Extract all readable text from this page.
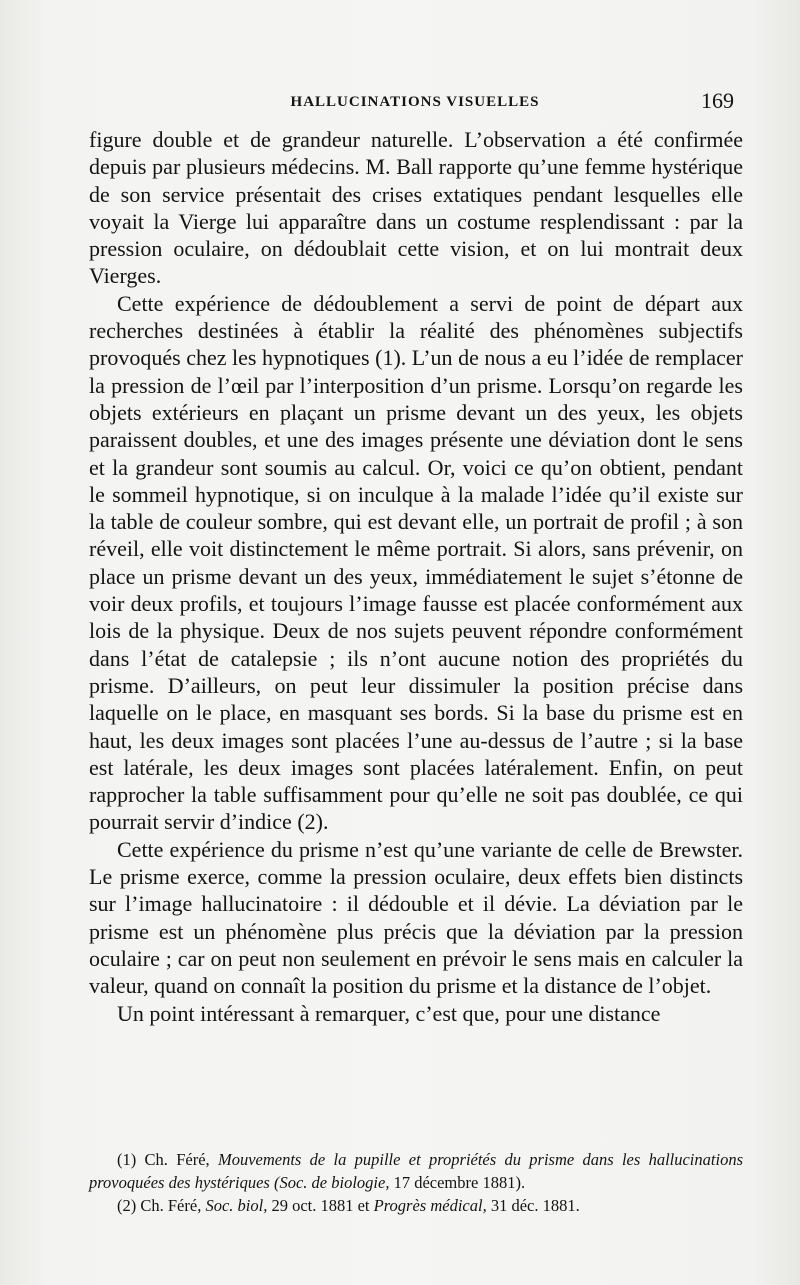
HALLUCINATIONS VISUELLES	169

figure double et de grandeur naturelle. L’observation a été confirmée depuis par plusieurs médecins. M. Ball rapporte qu’une femme hystérique de son service présentait des crises extatiques pendant lesquelles elle voyait la Vierge lui apparaître dans un costume resplendissant : par la pression oculaire, on dédoublait cette vision, et on lui montrait deux Vierges.

Cette expérience de dédoublement a servi de point de départ aux recherches destinées à établir la réalité des phénomènes subjectifs provoqués chez les hypnotiques (1). L’un de nous a eu l’idée de remplacer la pression de l’œil par l’interposition d’un prisme. Lorsqu’on regarde les objets extérieurs en plaçant un prisme devant un des yeux, les objets paraissent doubles, et une des images présente une déviation dont le sens et la grandeur sont soumis au calcul. Or, voici ce qu’on obtient, pendant le sommeil hypnotique, si on inculque à la malade l’idée qu’il existe sur la table de couleur sombre, qui est devant elle, un portrait de profil ; à son réveil, elle voit distinctement le même portrait. Si alors, sans prévenir, on place un prisme devant un des yeux, immédiatement le sujet s’étonne de voir deux profils, et toujours l’image fausse est placée conformément aux lois de la physique. Deux de nos sujets peuvent répondre conformément dans l’état de catalepsie ; ils n’ont aucune notion des propriétés du prisme. D’ailleurs, on peut leur dissimuler la position précise dans laquelle on le place, en masquant ses bords. Si la base du prisme est en haut, les deux images sont placées l’une au-dessus de l’autre ; si la base est latérale, les deux images sont placées latéralement. Enfin, on peut rapprocher la table suffisamment pour qu’elle ne soit pas doublée, ce qui pourrait servir d’indice (2).

Cette expérience du prisme n’est qu’une variante de celle de Brewster. Le prisme exerce, comme la pression oculaire, deux effets bien distincts sur l’image hallucinatoire : il dédouble et il dévie. La déviation par le prisme est un phénomène plus précis que la déviation par la pression oculaire ; car on peut non seulement en prévoir le sens mais en calculer la valeur, quand on connaît la position du prisme et la distance de l’objet.

Un point intéressant à remarquer, c’est que, pour une distance

(1) Ch. Féré, Mouvements de la pupille et propriétés du prisme dans les hallucinations provoquées des hystériques (Soc. de biologie, 17 décembre 1881).

(2) Ch. Féré, Soc. biol, 29 oct. 1881 et Progrès médical, 31 déc. 1881.
